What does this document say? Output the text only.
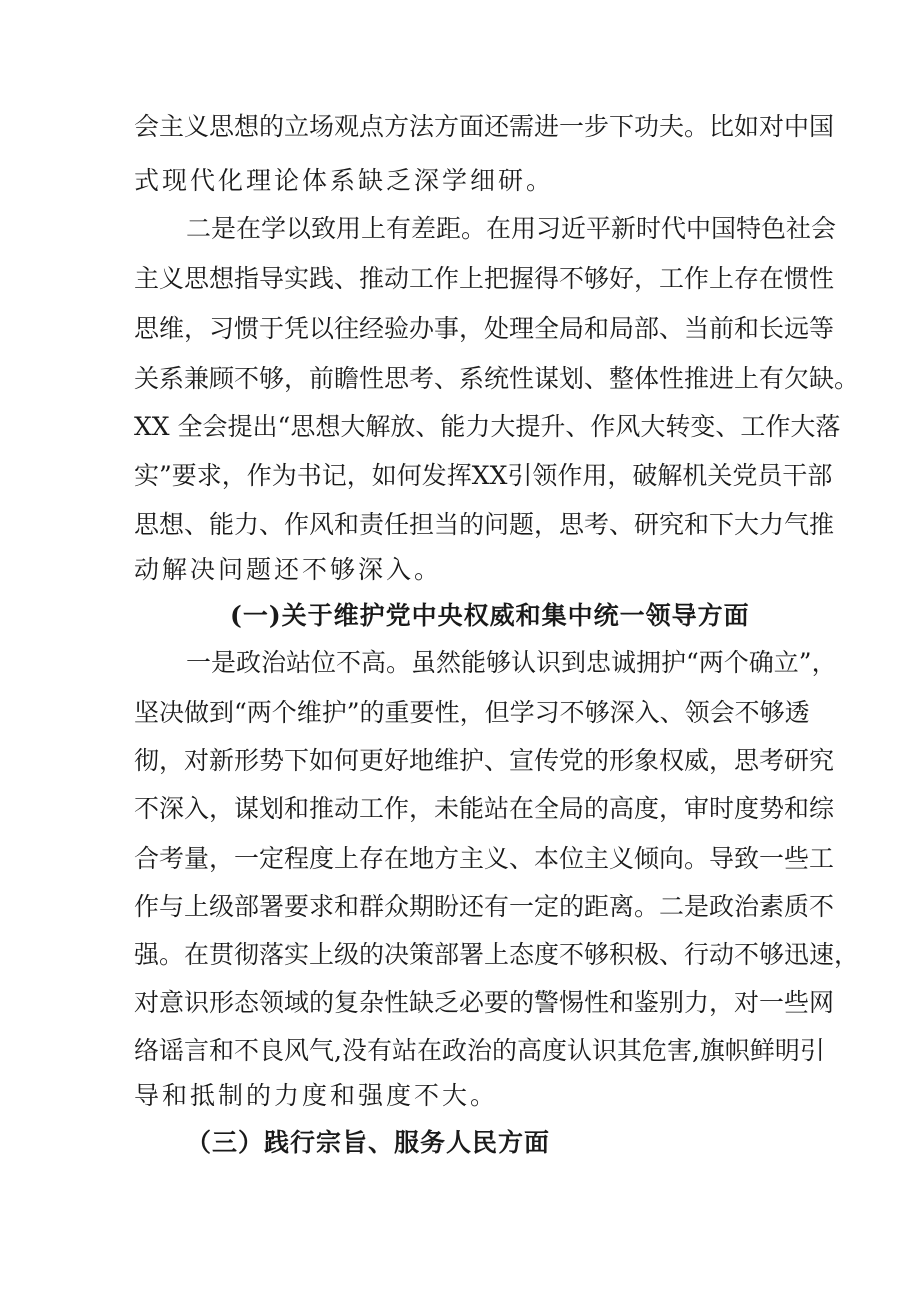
会主义思想的立场观点方法方面还需进一步下功夫。比如对中国
式现代化理论体系缺乏深学细研。
二是在学以致用上有差距。在用习近平新时代中国特色社会
主义思想指导实践、推动工作上把握得不够好，工作上存在惯性
思维，习惯于凭以往经验办事，处理全局和局部、当前和长远等
关系兼顾不够，前瞻性思考、系统性谋划、整体性推进上有欠缺。
XX 全会提出“思想大解放、能力大提升、作风大转变、工作大落
实”要求，作为书记，如何发挥XX引领作用，破解机关党员干部
思想、能力、作风和责任担当的问题，思考、研究和下大力气推
动解决问题还不够深入。
(一)关于维护党中央权威和集中统一领导方面
一是政治站位不高。虽然能够认识到忠诚拥护“两个确立”，
坚决做到“两个维护”的重要性，但学习不够深入、领会不够透
彻，对新形势下如何更好地维护、宣传党的形象权威，思考研究
不深入，谋划和推动工作，未能站在全局的高度，审时度势和综
合考量，一定程度上存在地方主义、本位主义倾向。导致一些工
作与上级部署要求和群众期盼还有一定的距离。二是政治素质不
强。在贯彻落实上级的决策部署上态度不够积极、行动不够迅速，
对意识形态领域的复杂性缺乏必要的警惕性和鉴别力，对一些网
络谣言和不良风气,没有站在政治的高度认识其危害,旗帜鲜明引
导和抵制的力度和强度不大。
（三）践行宗旨、服务人民方面
